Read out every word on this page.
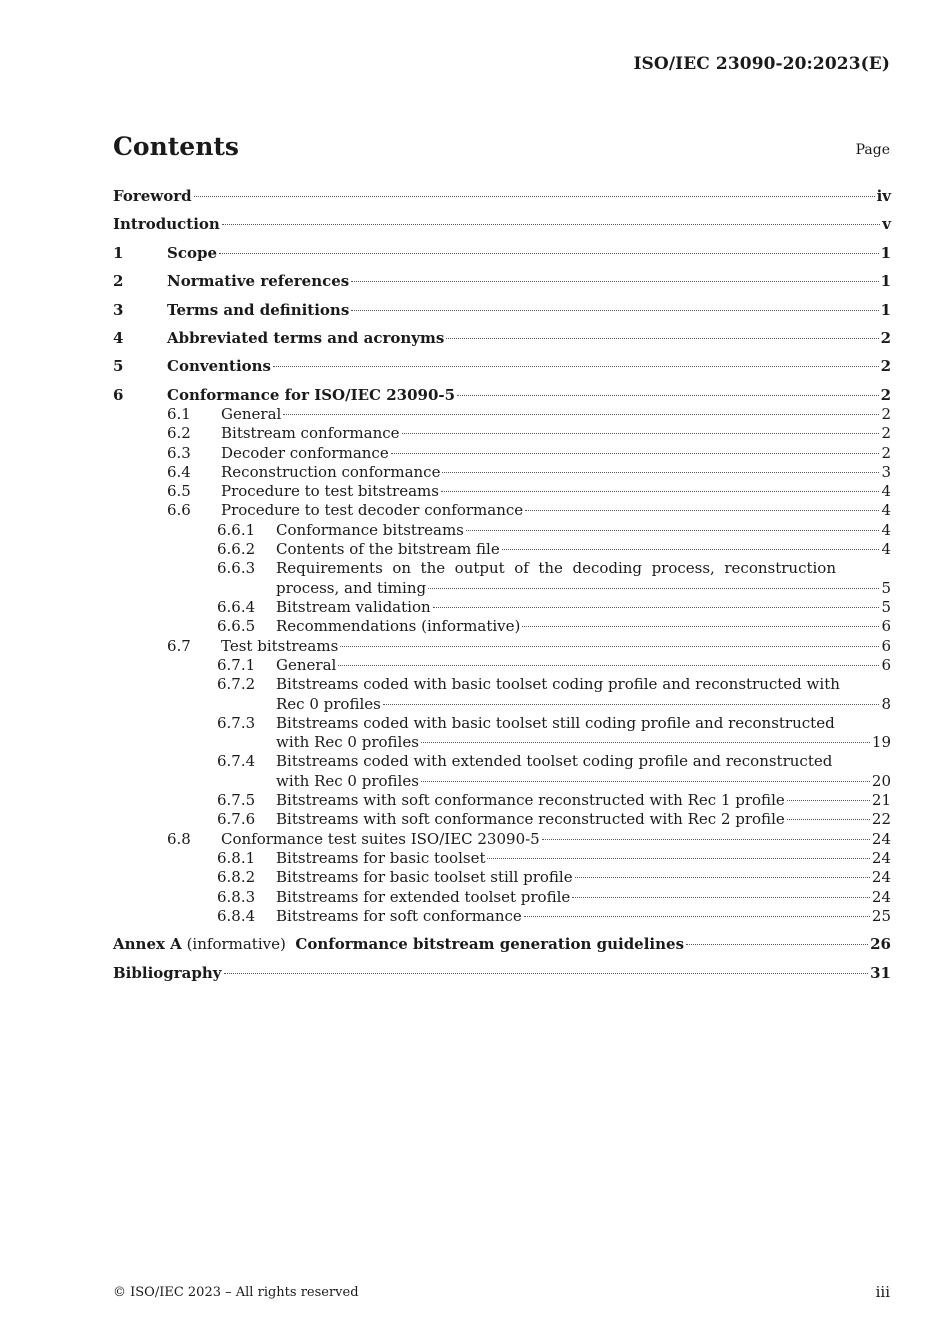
ISO/IEC 23090-20:2023(E)
Contents	Page
Foreword	iv
Introduction	v
1	Scope	1
2	Normative references	1
3	Terms and definitions	1
4	Abbreviated terms and acronyms	2
5	Conventions	2
6	Conformance for ISO/IEC 23090-5	2
6.1 General	2
6.2 Bitstream conformance	2
6.3 Decoder conformance	2
6.4 Reconstruction conformance	3
6.5 Procedure to test bitstreams	4
6.6 Procedure to test decoder conformance	4
6.6.1 Conformance bitstreams	4
6.6.2 Contents of the bitstream file	4
6.6.3 Requirements on the output of the decoding process, reconstruction
process, and timing	5
6.6.4 Bitstream validation	5
6.6.5 Recommendations (informative)	6
6.7 Test bitstreams	6
6.7.1 General	6
6.7.2 Bitstreams coded with basic toolset coding profile and reconstructed with
Rec 0 profiles	8
6.7.3 Bitstreams coded with basic toolset still coding profile and reconstructed
with Rec 0 profiles	19
6.7.4 Bitstreams coded with extended toolset coding profile and reconstructed
with Rec 0 profiles	20
6.7.5 Bitstreams with soft conformance reconstructed with Rec 1 profile	21
6.7.6 Bitstreams with soft conformance reconstructed with Rec 2 profile	22
6.8 Conformance test suites ISO/IEC 23090-5	24
6.8.1 Bitstreams for basic toolset	24
6.8.2 Bitstreams for basic toolset still profile	24
6.8.3 Bitstreams for extended toolset profile	24
6.8.4 Bitstreams for soft conformance	25
Annex A (informative) Conformance bitstream generation guidelines	26
Bibliography	31
© ISO/IEC 2023 – All rights reserved	iii
